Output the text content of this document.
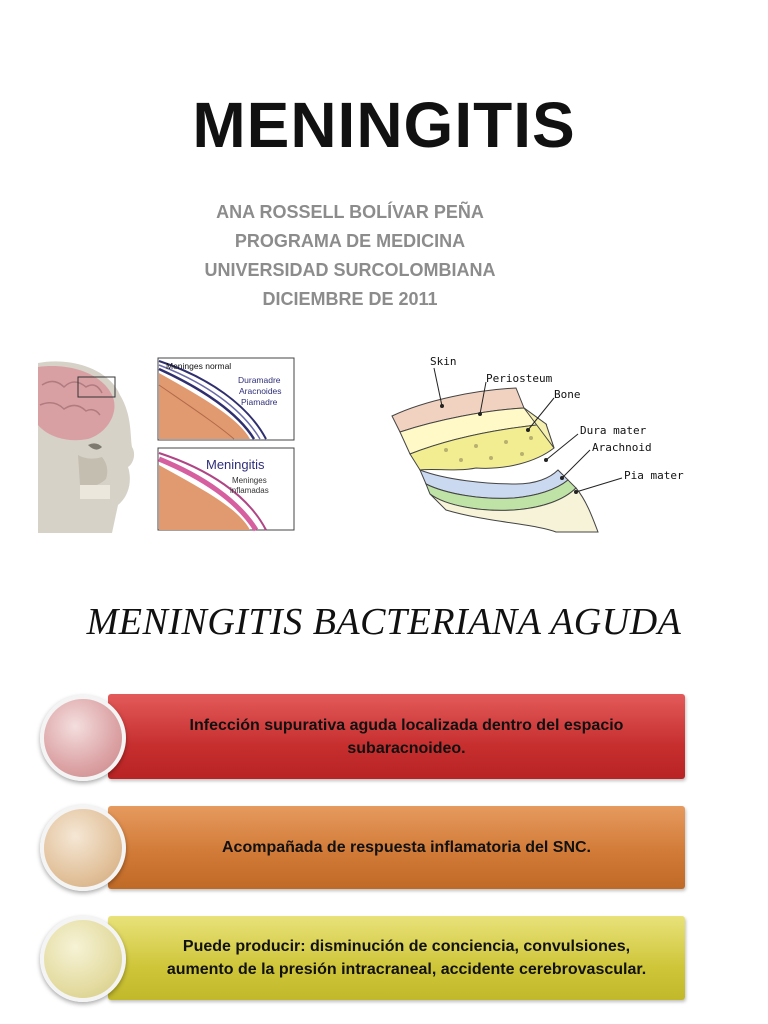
MENINGITIS
ANA ROSSELL BOLÍVAR PEÑA
PROGRAMA DE MEDICINA
UNIVERSIDAD SURCOLOMBIANA
DICIEMBRE DE 2011
Meninges normal
Duramadre
Aracnoides
Piamadre
Meningitis
Meninges
inflamadas
Skin
Periosteum
Bone
Dura mater
Arachnoid
Pia mater
MENINGITIS BACTERIANA AGUDA
Infección supurativa aguda localizada dentro del espacio subaracnoideo.
Acompañada de respuesta inflamatoria del SNC.
Puede producir: disminución de conciencia, convulsiones, aumento de la presión intracraneal, accidente cerebrovascular.
